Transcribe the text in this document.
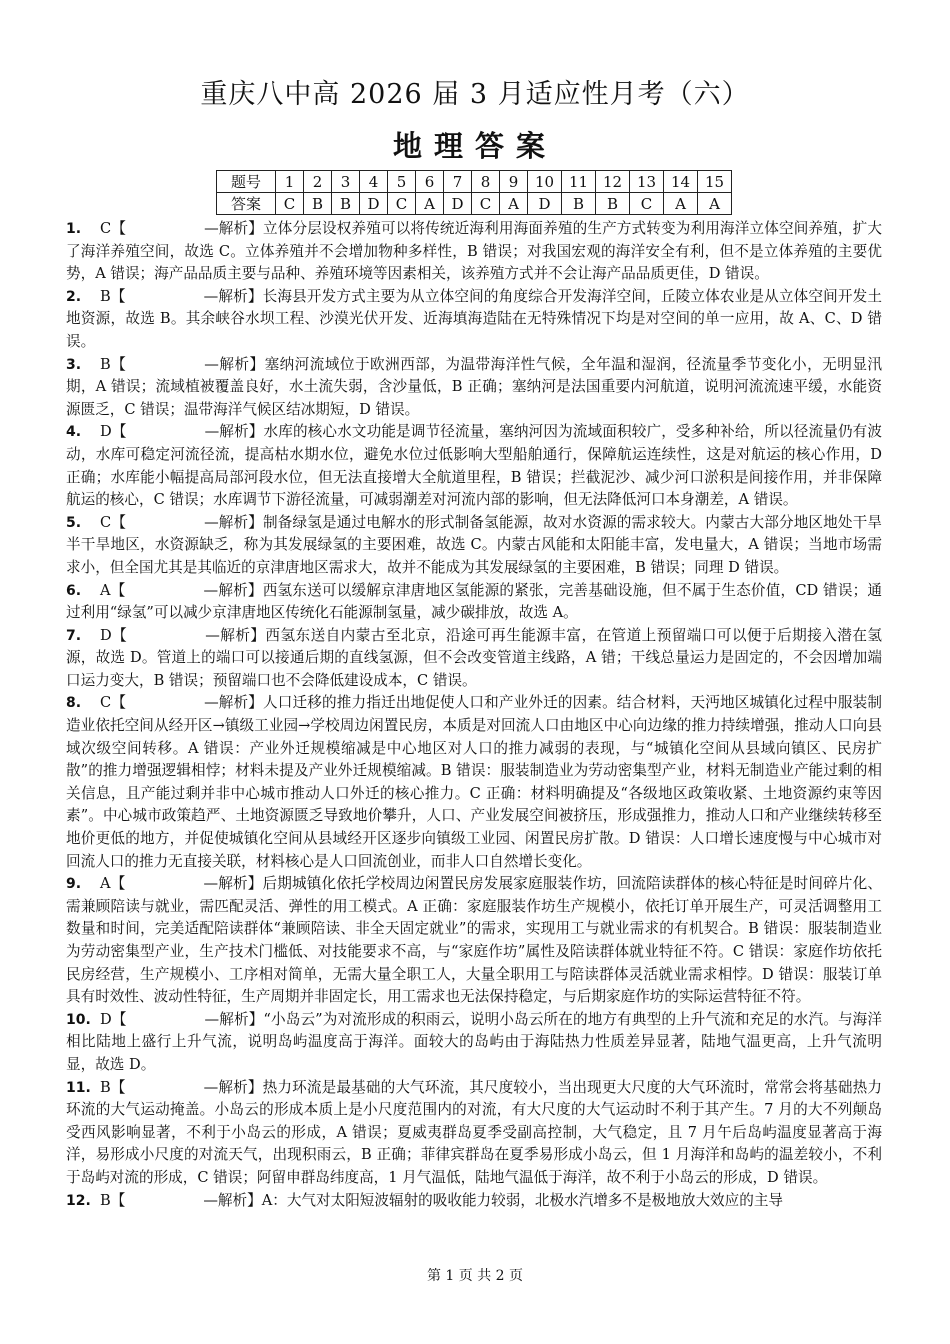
重庆八中高 2026 届 3 月适应性月考（六）
地理答案
题号	1	2	3	4	5	6	7	8	9	10	11	12	13	14	15
答案	C	B	B	D	C	A	D	C	A	D	B	B	C	A	A
1.	C【	—解析】立体分层设权养殖可以将传统近海利用海面养殖的生产方式转变为利用海洋立体空间养殖，扩大了海洋养殖空间，故选 C。立体养殖并不会增加物种多样性，B 错误；对我国宏观的海洋安全有利，但不是立体养殖的主要优势，A 错误；海产品品质主要与品种、养殖环境等因素相关，该养殖方式并不会让海产品品质更佳，D 错误。

2.	B【	—解析】长海县开发方式主要为从立体空间的角度综合开发海洋空间，丘陵立体农业是从立体空间开发土地资源，故选 B。其余峡谷水坝工程、沙漠光伏开发、近海填海造陆在无特殊情况下均是对空间的单一应用，故 A、C、D 错误。

3.	B【	—解析】塞纳河流域位于欧洲西部，为温带海洋性气候，全年温和湿润，径流量季节变化小，无明显汛期，A 错误；流域植被覆盖良好，水土流失弱，含沙量低，B 正确；塞纳河是法国重要内河航道，说明河流流速平缓，水能资源匮乏，C 错误；温带海洋气候区结冰期短，D 错误。

4.	D【	—解析】水库的核心水文功能是调节径流量，塞纳河因为流域面积较广，受多种补给，所以径流量仍有波动，水库可稳定河流径流，提高枯水期水位，避免水位过低影响大型船舶通行，保障航运连续性，这是对航运的核心作用，D 正确；水库能小幅提高局部河段水位，但无法直接增大全航道里程，B 错误；拦截泥沙、减少河口淤积是间接作用，并非保障航运的核心，C 错误；水库调节下游径流量，可减弱潮差对河流内部的影响，但无法降低河口本身潮差，A 错误。

5.	C【	—解析】制备绿氢是通过电解水的形式制备氢能源，故对水资源的需求较大。内蒙古大部分地区地处干旱半干旱地区，水资源缺乏，称为其发展绿氢的主要困难，故选 C。内蒙古风能和太阳能丰富，发电量大，A 错误；当地市场需求小，但全国尤其是其临近的京津唐地区需求大，故并不能成为其发展绿氢的主要困难，B 错误；同理 D 错误。

6.	A【	—解析】西氢东送可以缓解京津唐地区氢能源的紧张，完善基础设施，但不属于生态价值，CD 错误；通过利用“绿氢”可以减少京津唐地区传统化石能源制氢量，减少碳排放，故选 A。

7.	D【	—解析】西氢东送自内蒙古至北京，沿途可再生能源丰富，在管道上预留端口可以便于后期接入潜在氢源，故选 D。管道上的端口可以接通后期的直线氢源，但不会改变管道主线路，A 错；干线总量运力是固定的，不会因增加端口运力变大，B 错误；预留端口也不会降低建设成本，C 错误。

8.	C【	—解析】人口迁移的推力指迁出地促使人口和产业外迁的因素。结合材料，天沔地区城镇化过程中服装制造业依托空间从经开区→镇级工业园→学校周边闲置民房，本质是对回流人口由地区中心向边缘的推力持续增强，推动人口向县域次级空间转移。A 错误：产业外迁规模缩减是中心地区对人口的推力减弱的表现，与“城镇化空间从县域向镇区、民房扩散”的推力增强逻辑相悖；材料未提及产业外迁规模缩减。B 错误：服装制造业为劳动密集型产业，材料无制造业产能过剩的相关信息，且产能过剩并非中心城市推动人口外迁的核心推力。C 正确：材料明确提及“各级地区政策收紧、土地资源约束等因素”。中心城市政策趋严、土地资源匮乏导致地价攀升，人口、产业发展空间被挤压，形成强推力，推动人口和产业继续转移至地价更低的地方，并促使城镇化空间从县域经开区逐步向镇级工业园、闲置民房扩散。D 错误：人口增长速度慢与中心城市对回流人口的推力无直接关联，材料核心是人口回流创业，而非人口自然增长变化。

9.	A【	—解析】后期城镇化依托学校周边闲置民房发展家庭服装作坊，回流陪读群体的核心特征是时间碎片化、需兼顾陪读与就业，需匹配灵活、弹性的用工模式。A 正确：家庭服装作坊生产规模小，依托订单开展生产，可灵活调整用工数量和时间，完美适配陪读群体“兼顾陪读、非全天固定就业”的需求，实现用工与就业需求的有机契合。B 错误：服装制造业为劳动密集型产业，生产技术门槛低、对技能要求不高，与“家庭作坊”属性及陪读群体就业特征不符。C 错误：家庭作坊依托民房经营，生产规模小、工序相对简单，无需大量全职工人，大量全职用工与陪读群体灵活就业需求相悖。D 错误：服装订单具有时效性、波动性特征，生产周期并非固定长，用工需求也无法保持稳定，与后期家庭作坊的实际运营特征不符。

10. D【	—解析】“小岛云”为对流形成的积雨云，说明小岛云所在的地方有典型的上升气流和充足的水汽。与海洋相比陆地上盛行上升气流，说明岛屿温度高于海洋。面较大的岛屿由于海陆热力性质差异显著，陆地气温更高，上升气流明显，故选 D。

11. B【	—解析】热力环流是最基础的大气环流，其尺度较小，当出现更大尺度的大气环流时，常常会将基础热力环流的大气运动掩盖。小岛云的形成本质上是小尺度范围内的对流，有大尺度的大气运动时不利于其产生。7 月的大不列颠岛受西风影响显著，不利于小岛云的形成，A 错误；夏威夷群岛夏季受副高控制，大气稳定，且 7 月午后岛屿温度显著高于海洋，易形成小尺度的对流天气，出现积雨云，B 正确；菲律宾群岛在夏季易形成小岛云，但 1 月海洋和岛屿的温差较小，不利于岛屿对流的形成，C 错误；阿留申群岛纬度高，1 月气温低，陆地气温低于海洋，故不利于小岛云的形成，D 错误。

12. B【	—解析】A：大气对太阳短波辐射的吸收能力较弱，北极水汽增多不是极地放大效应的主导

第 1 页 共 2 页
